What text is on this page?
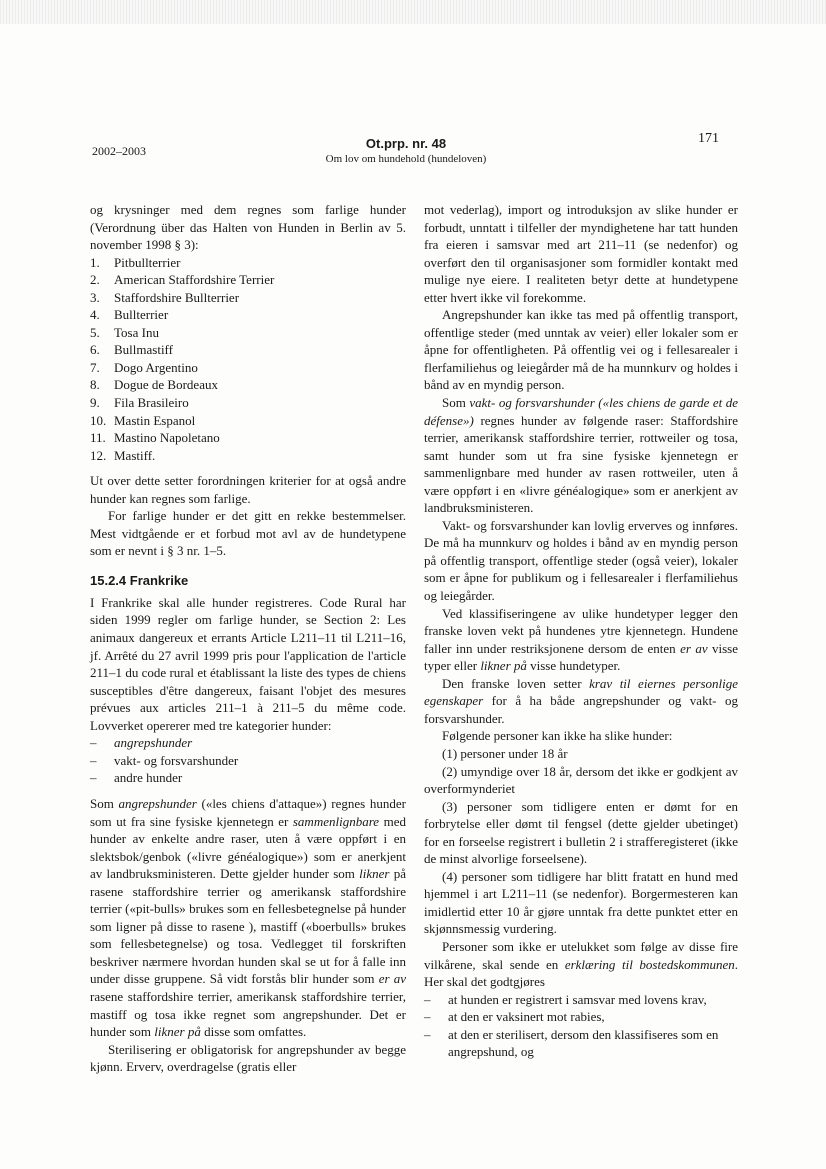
2002–2003	Ot.prp. nr. 48
Om lov om hundehold (hundeloven)
171

og krysninger med dem regnes som farlige hunder (Verordnung über das Halten von Hunden in Berlin av 5. november 1998 § 3):

1.	Pitbullterrier
2.	American Staffordshire Terrier
3.	Staffordshire Bullterrier
4.	Bullterrier
5.	Tosa Inu
6.	Bullmastiff
7.	Dogo Argentino
8.	Dogue de Bordeaux
9.	Fila Brasileiro
10. Mastin Espanol
11. Mastino Napoletano
12. Mastiff.

Ut over dette setter forordningen kriterier for at også andre hunder kan regnes som farlige.

For farlige hunder er det gitt en rekke bestemmelser. Mest vidtgående er et forbud mot avl av de hundetypene som er nevnt i § 3 nr. 1–5.

15.2.4 Frankrike

I Frankrike skal alle hunder registreres. Code Rural har siden 1999 regler om farlige hunder, se Section 2: Les animaux dangereux et errants Article L211–11 til L211–16, jf. Arrêté du 27 avril 1999 pris pour l'application de l'article 211–1 du code rural et établissant la liste des types de chiens susceptibles d'être dangereux, faisant l'objet des mesures prévues aux articles 211–1 à 211–5 du même code. Lovverket opererer med tre kategorier hunder:

–	angrepshunder
–	vakt- og forsvarshunder
–	andre hunder

Som angrepshunder («les chiens d'attaque») regnes hunder som ut fra sine fysiske kjennetegn er sammenlignbare med hunder av enkelte andre raser, uten å være oppført i en slektsbok/genbok («livre généalogique») som er anerkjent av landbruksministeren. Dette gjelder hunder som likner på rasene staffordshire terrier og amerikansk staffordshire terrier («pit-bulls» brukes som en fellesbetegnelse på hunder som ligner på disse to rasene ), mastiff («boerbulls» brukes som fellesbetegnelse) og tosa. Vedlegget til forskriften beskriver nærmere hvordan hunden skal se ut for å falle inn under disse gruppene. Så vidt forstås blir hunder som er av rasene staffordshire terrier, amerikansk staffordshire terrier, mastiff og tosa ikke regnet som angrepshunder. Det er hunder som likner på disse som omfattes.

Sterilisering er obligatorisk for angrepshunder av begge kjønn. Erverv, overdragelse (gratis eller

mot vederlag), import og introduksjon av slike hunder er forbudt, unntatt i tilfeller der myndighetene har tatt hunden fra eieren i samsvar med art 211–11 (se nedenfor) og overført den til organisasjoner som formidler kontakt med mulige nye eiere. I realiteten betyr dette at hundetypene etter hvert ikke vil forekomme.

Angrepshunder kan ikke tas med på offentlig transport, offentlige steder (med unntak av veier) eller lokaler som er åpne for offentligheten. På offentlig vei og i fellesarealer i flerfamiliehus og leiegårder må de ha munnkurv og holdes i bånd av en myndig person.

Som vakt- og forsvarshunder («les chiens de garde et de défense») regnes hunder av følgende raser: Staffordshire terrier, amerikansk staffordshire terrier, rottweiler og tosa, samt hunder som ut fra sine fysiske kjennetegn er sammenlignbare med hunder av rasen rottweiler, uten å være oppført i en «livre généalogique» som er anerkjent av landbruksministeren.

Vakt- og forsvarshunder kan lovlig erverves og innføres. De må ha munnkurv og holdes i bånd av en myndig person på offentlig transport, offentlige steder (også veier), lokaler som er åpne for publikum og i fellesarealer i flerfamiliehus og leiegårder.

Ved klassifiseringene av ulike hundetyper legger den franske loven vekt på hundenes ytre kjennetegn. Hundene faller inn under restriksjonene dersom de enten er av visse typer eller likner på visse hundetyper.

Den franske loven setter krav til eiernes personlige egenskaper for å ha både angrepshunder og vakt- og forsvarshunder.

Følgende personer kan ikke ha slike hunder:

(1) personer under 18 år

(2) umyndige over 18 år, dersom det ikke er godkjent av overformynderiet

(3) personer som tidligere enten er dømt for en forbrytelse eller dømt til fengsel (dette gjelder ubetinget) for en forseelse registrert i bulletin 2 i strafferegisteret (ikke de minst alvorlige forseelsene).

(4) personer som tidligere har blitt fratatt en hund med hjemmel i art L211–11 (se nedenfor). Borgermesteren kan imidlertid etter 10 år gjøre unntak fra dette punktet etter en skjønnsmessig vurdering.

Personer som ikke er utelukket som følge av disse fire vilkårene, skal sende en erklæring til bostedskommunen. Her skal det godtgjøres

–	at hunden er registrert i samsvar med lovens krav,
–	at den er vaksinert mot rabies,
–	at den er sterilisert, dersom den klassifiseres som en angrepshund, og
